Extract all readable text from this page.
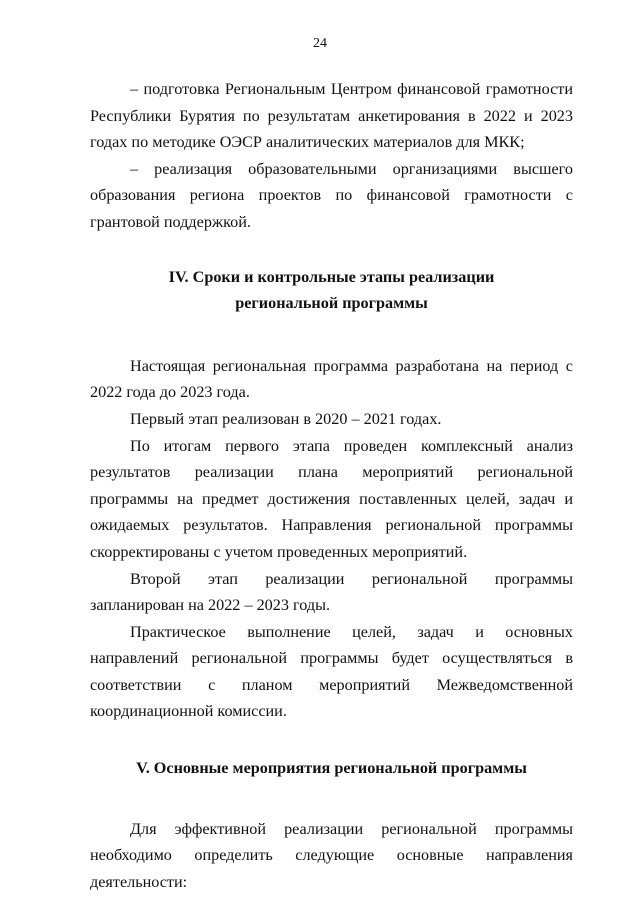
24

– подготовка Региональным Центром финансовой грамотности Республики Бурятия по результатам анкетирования в 2022 и 2023 годах по методике ОЭСР аналитических материалов для МКК;

– реализация образовательными организациями высшего образования региона проектов по финансовой грамотности с грантовой поддержкой.

IV. Сроки и контрольные этапы реализации
региональной программы

Настоящая региональная программа разработана на период с 2022 года до 2023 года.

Первый этап реализован в 2020 – 2021 годах.

По итогам первого этапа проведен комплексный анализ результатов реализации плана мероприятий региональной программы на предмет достижения поставленных целей, задач и ожидаемых результатов. Направления региональной программы скорректированы с учетом проведенных мероприятий.

Второй этап реализации региональной программы запланирован на 2022 – 2023 годы.

Практическое выполнение целей, задач и основных направлений региональной программы будет осуществляться в соответствии с планом мероприятий Межведомственной координационной комиссии.

V. Основные мероприятия региональной программы

Для эффективной реализации региональной программы необходимо определить следующие основные направления деятельности:
